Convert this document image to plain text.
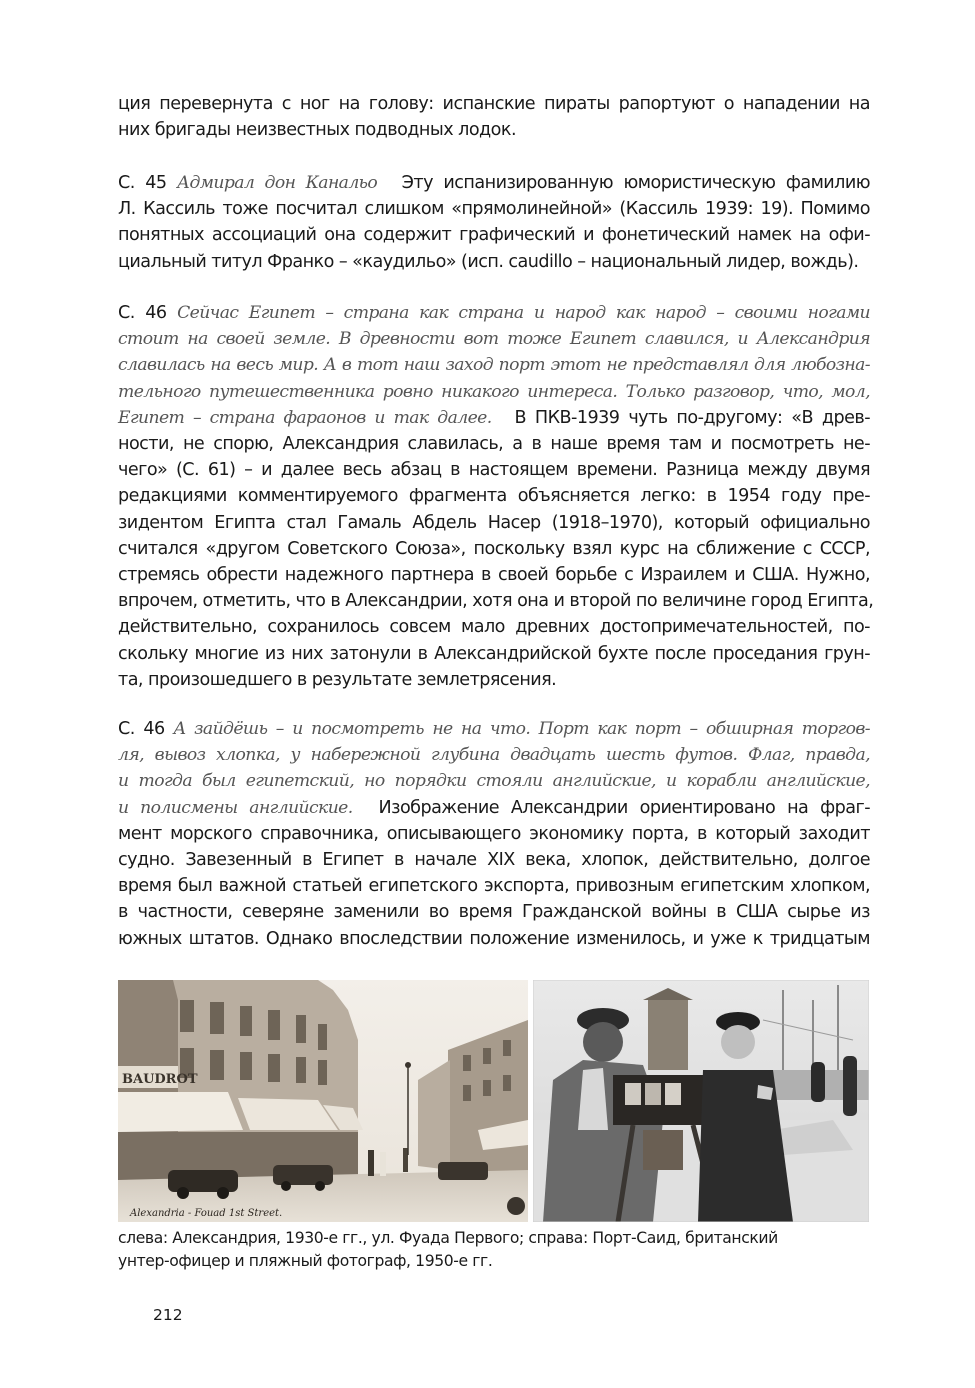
ция перевернута с ног на голову: испанские пираты рапортуют о нападении на
них бригады неизвестных подводных лодок.
С. 45 Адмирал дон Канальо Эту испанизированную юмористическую фамилию
Л. Кассиль тоже посчитал слишком «прямолинейной» (Кассиль 1939: 19). Помимо
понятных ассоциаций она содержит графический и фонетический намек на офи-
циальный титул Франко – «каудильо» (исп. caudillo – национальный лидер, вождь).
С. 46 Сейчас Египет – страна как страна и народ как народ – своими ногами
стоит на своей земле. В древности вот тоже Египет славился, и Александрия
славилась на весь мир. А в тот наш заход порт этот не представлял для любозна-
тельного путешественника ровно никакого интереса. Только разговор, что, мол,
Египет – страна фараонов и так далее. В ПКВ-1939 чуть по-другому: «В древ-
ности, не спорю, Александрия славилась, а в наше время там и посмотреть не-
чего» (С. 61) – и далее весь абзац в настоящем времени. Разница между двумя
редакциями комментируемого фрагмента объясняется легко: в 1954 году пре-
зидентом Египта стал Гамаль Абдель Насер (1918–1970), который официально
считался «другом Советского Союза», поскольку взял курс на сближение с СССР,
стремясь обрести надежного партнера в своей борьбе с Израилем и США. Нужно,
впрочем, отметить, что в Александрии, хотя она и второй по величине город Египта,
действительно, сохранилось совсем мало древних достопримечательностей, по-
скольку многие из них затонули в Александрийской бухте после проседания грун-
та, произошедшего в результате землетрясения.
С. 46 А зайдёшь – и посмотреть не на что. Порт как порт – обширная торгов-
ля, вывоз хлопка, у набережной глубина двадцать шесть футов. Флаг, правда,
и тогда был египетский, но порядки стояли английские, и корабли английские,
и полисмены английские. Изображение Александрии ориентировано на фраг-
мент морского справочника, описывающего экономику порта, в который заходит
судно. Завезенный в Египет в начале XIX века, хлопок, действительно, долгое
время был важной статьей египетского экспорта, привозным египетским хлопком,
в частности, северяне заменили во время Гражданской войны в США сырье из
южных штатов. Однако впоследствии положение изменилось, и уже к тридцатым
BAUDROT
Alexandria - Fouad 1st Street.
слева: Александрия, 1930-е гг., ул. Фуада Первого; справа: Порт-Саид, британский
унтер-офицер и пляжный фотограф, 1950-е гг.
212
